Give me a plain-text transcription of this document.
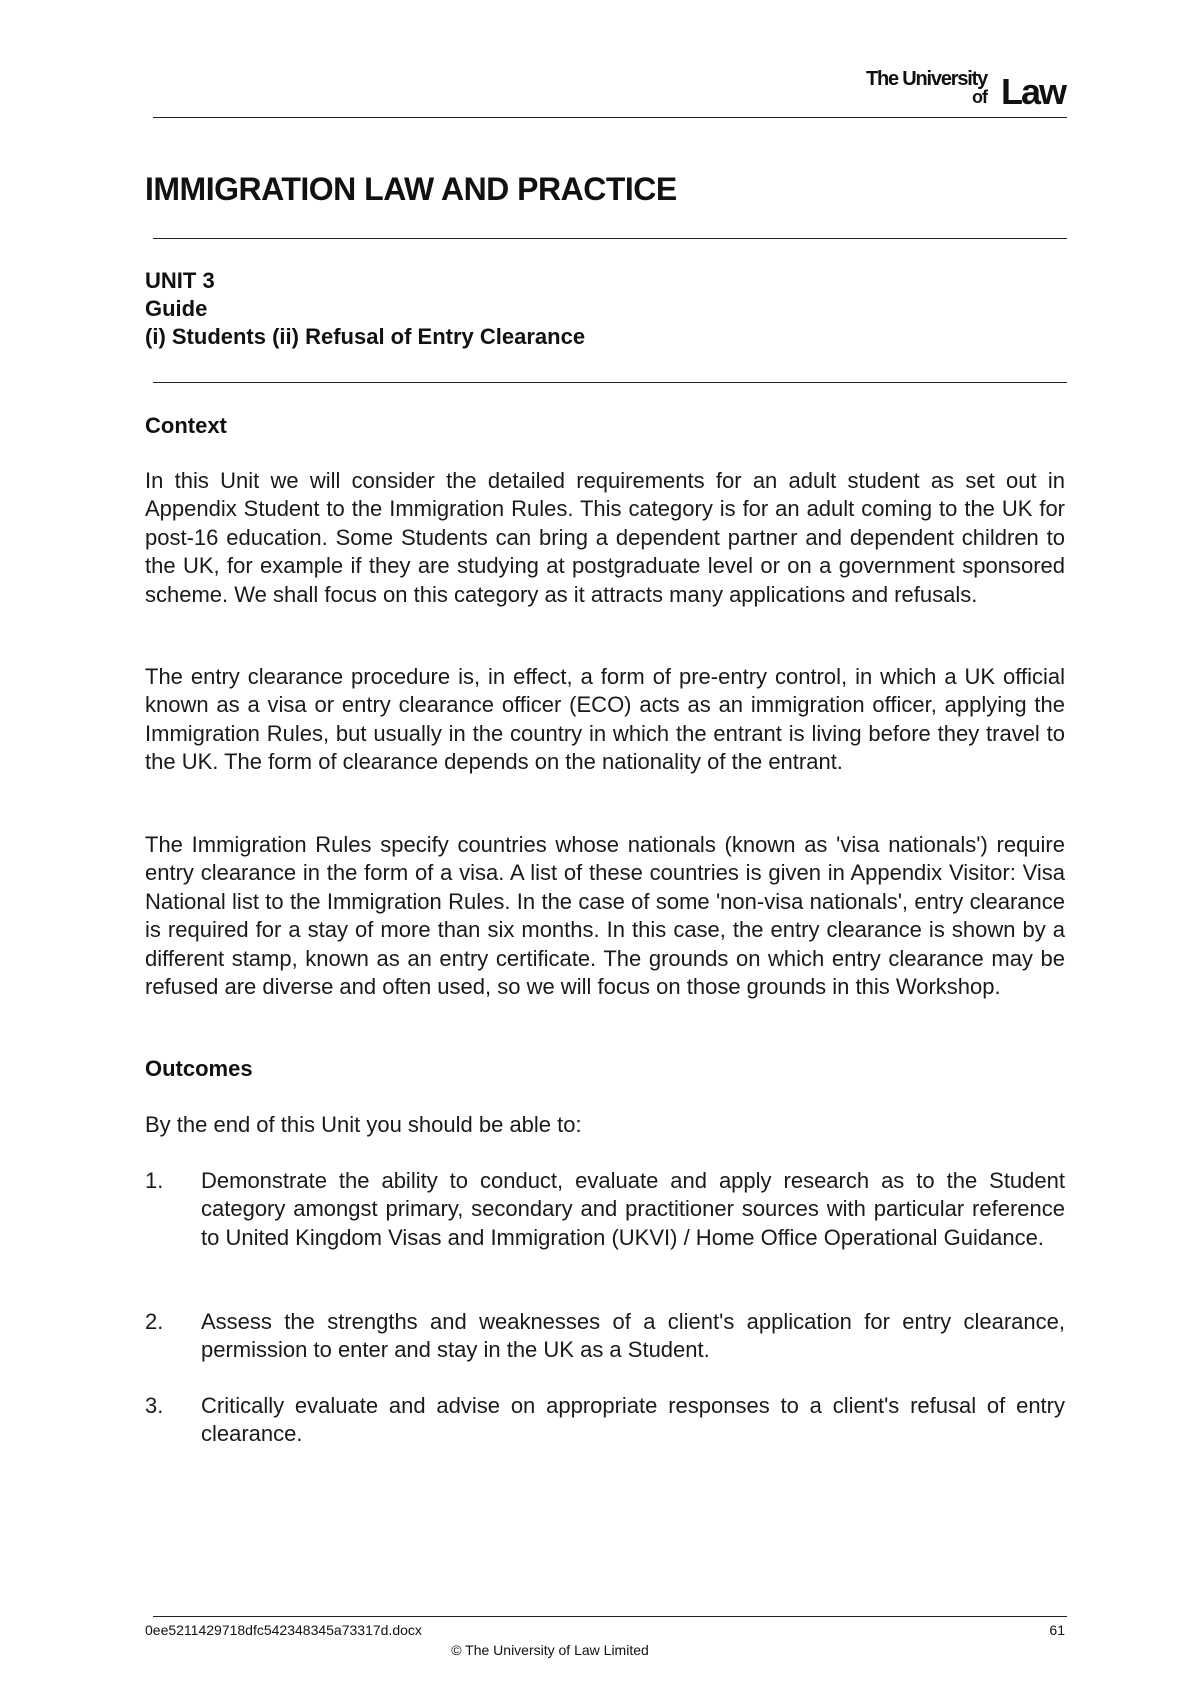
The University
of Law
IMMIGRATION LAW AND PRACTICE
UNIT 3
Guide
(i) Students (ii) Refusal of Entry Clearance
Context

In this Unit we will consider the detailed requirements for an adult student as set out in Appendix Student to the Immigration Rules. This category is for an adult coming to the UK for post-16 education. Some Students can bring a dependent partner and dependent children to the UK, for example if they are studying at postgraduate level or on a government sponsored scheme. We shall focus on this category as it attracts many applications and refusals.

The entry clearance procedure is, in effect, a form of pre-entry control, in which a UK official known as a visa or entry clearance officer (ECO) acts as an immigration officer, applying the Immigration Rules, but usually in the country in which the entrant is living before they travel to the UK. The form of clearance depends on the nationality of the entrant.

The Immigration Rules specify countries whose nationals (known as 'visa nationals') require entry clearance in the form of a visa. A list of these countries is given in Appendix Visitor: Visa National list to the Immigration Rules. In the case of some 'non-visa nationals', entry clearance is required for a stay of more than six months. In this case, the entry clearance is shown by a different stamp, known as an entry certificate. The grounds on which entry clearance may be refused are diverse and often used, so we will focus on those grounds in this Workshop.

Outcomes

By the end of this Unit you should be able to:

1. Demonstrate the ability to conduct, evaluate and apply research as to the Student category amongst primary, secondary and practitioner sources with particular reference to United Kingdom Visas and Immigration (UKVI) / Home Office Operational Guidance.
2. Assess the strengths and weaknesses of a client's application for entry clearance, permission to enter and stay in the UK as a Student.
3. Critically evaluate and advise on appropriate responses to a client's refusal of entry clearance.
0ee5211429718dfc542348345a73317d.docx	61
© The University of Law Limited
